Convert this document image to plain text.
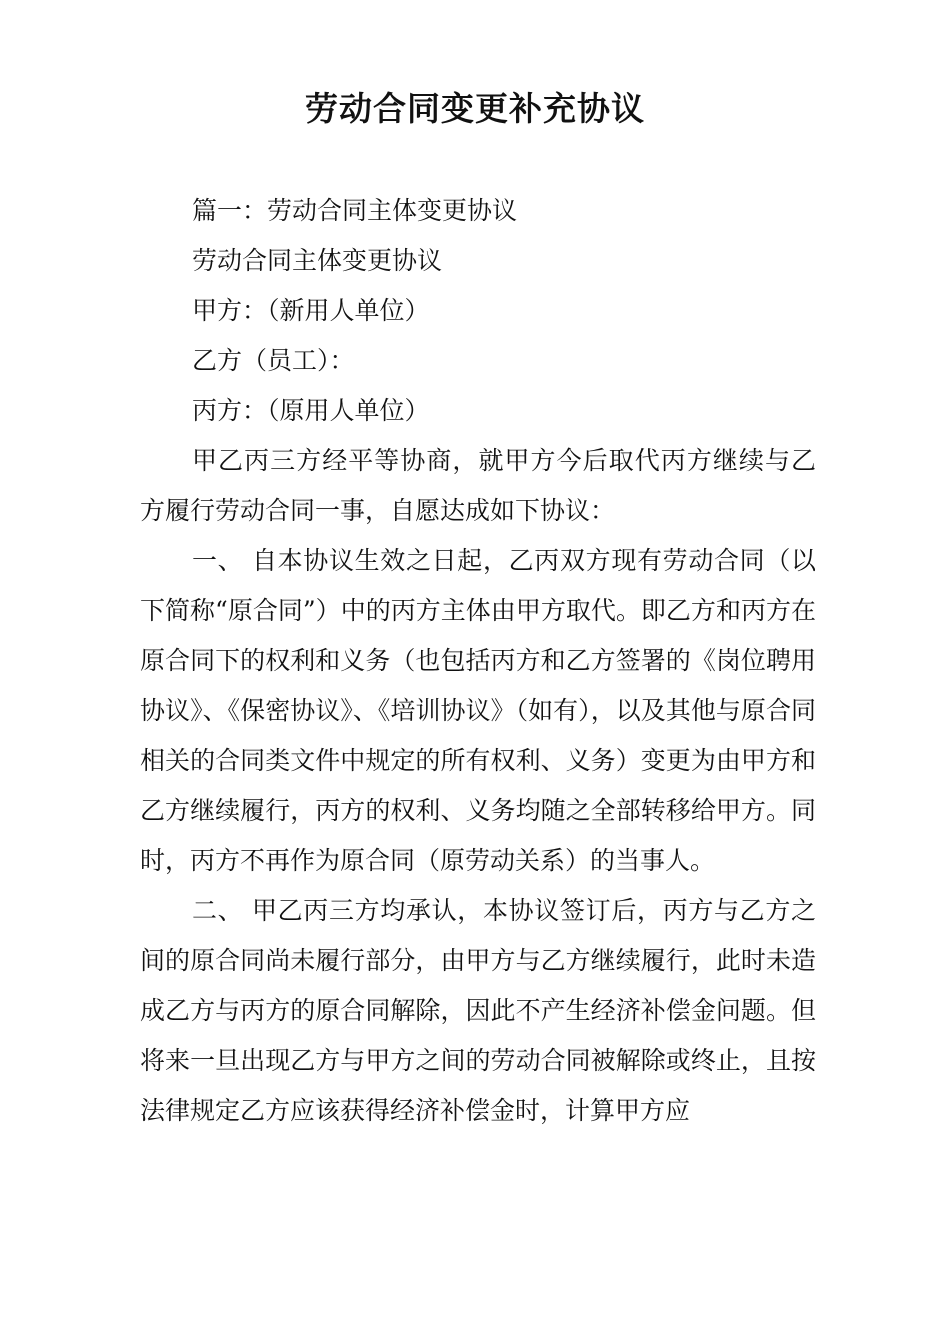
劳动合同变更补充协议

篇一：劳动合同主体变更协议

劳动合同主体变更协议

甲方：（新用人单位）

乙方（员工）：

丙方：（原用人单位）

甲乙丙三方经平等协商，就甲方今后取代丙方继续与乙方履行劳动合同一事，自愿达成如下协议：

一、 自本协议生效之日起，乙丙双方现有劳动合同（以下简称“原合同”）中的丙方主体由甲方取代。即乙方和丙方在原合同下的权利和义务（也包括丙方和乙方签署的《岗位聘用协议》、《保密协议》、《培训协议》（如有），以及其他与原合同相关的合同类文件中规定的所有权利、义务）变更为由甲方和乙方继续履行，丙方的权利、义务均随之全部转移给甲方。同时，丙方不再作为原合同（原劳动关系）的当事人。

二、 甲乙丙三方均承认，本协议签订后，丙方与乙方之间的原合同尚未履行部分，由甲方与乙方继续履行，此时未造成乙方与丙方的原合同解除，因此不产生经济补偿金问题。但将来一旦出现乙方与甲方之间的劳动合同被解除或终止，且按法律规定乙方应该获得经济补偿金时，计算甲方应
